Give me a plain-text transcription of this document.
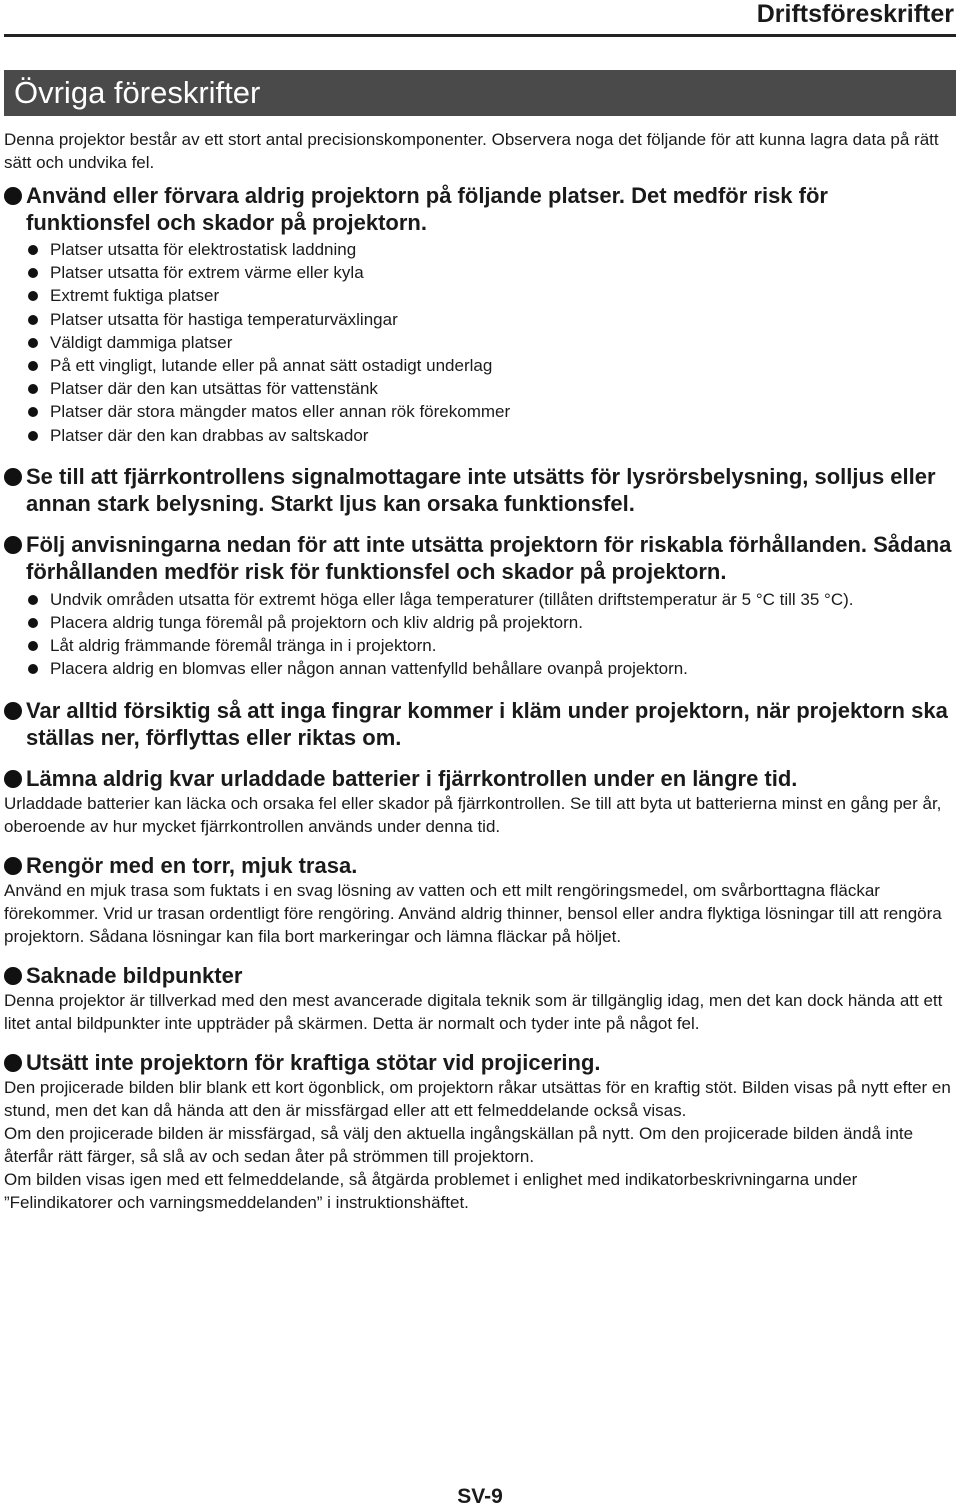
Driftsföreskrifter
Övriga föreskrifter

Denna projektor består av ett stort antal precisionskomponenter. Observera noga det följande för att kunna lagra data på rätt sätt och undvika fel.

Använd eller förvara aldrig projektorn på följande platser. Det medför risk för funktionsfel och skador på projektorn.

Platser utsatta för elektrostatisk laddning
Platser utsatta för extrem värme eller kyla
Extremt fuktiga platser
Platser utsatta för hastiga temperaturväxlingar
Väldigt dammiga platser
På ett vingligt, lutande eller på annat sätt ostadigt underlag
Platser där den kan utsättas för vattenstänk
Platser där stora mängder matos eller annan rök förekommer
Platser där den kan drabbas av saltskador

Se till att fjärrkontrollens signalmottagare inte utsätts för lysrörsbelysning, solljus eller annan stark belysning. Starkt ljus kan orsaka funktionsfel.

Följ anvisningarna nedan för att inte utsätta projektorn för riskabla förhållanden. Sådana förhållanden medför risk för funktionsfel och skador på projektorn.

Undvik områden utsatta för extremt höga eller låga temperaturer (tillåten driftstemperatur är 5 °C till 35 °C).
Placera aldrig tunga föremål på projektorn och kliv aldrig på projektorn.
Låt aldrig främmande föremål tränga in i projektorn.
Placera aldrig en blomvas eller någon annan vattenfylld behållare ovanpå projektorn.

Var alltid försiktig så att inga fingrar kommer i kläm under projektorn, när projektorn ska ställas ner, förflyttas eller riktas om.

Lämna aldrig kvar urladdade batterier i fjärrkontrollen under en längre tid.

Urladdade batterier kan läcka och orsaka fel eller skador på fjärrkontrollen. Se till att byta ut batterierna minst en gång per år, oberoende av hur mycket fjärrkontrollen används under denna tid.

Rengör med en torr, mjuk trasa.

Använd en mjuk trasa som fuktats i en svag lösning av vatten och ett milt rengöringsmedel, om svårborttagna fläckar förekommer. Vrid ur trasan ordentligt före rengöring. Använd aldrig thinner, bensol eller andra flyktiga lösningar till att rengöra projektorn. Sådana lösningar kan fila bort markeringar och lämna fläckar på höljet.

Saknade bildpunkter

Denna projektor är tillverkad med den mest avancerade digitala teknik som är tillgänglig idag, men det kan dock hända att ett litet antal bildpunkter inte uppträder på skärmen. Detta är normalt och tyder inte på något fel.

Utsätt inte projektorn för kraftiga stötar vid projicering.

Den projicerade bilden blir blank ett kort ögonblick, om projektorn råkar utsättas för en kraftig stöt. Bilden visas på nytt efter en stund, men det kan då hända att den är missfärgad eller att ett felmeddelande också visas.

Om den projicerade bilden är missfärgad, så välj den aktuella ingångskällan på nytt. Om den projicerade bilden ändå inte återfår rätt färger, så slå av och sedan åter på strömmen till projektorn.

Om bilden visas igen med ett felmeddelande, så åtgärda problemet i enlighet med indikatorbeskrivningarna under ”Felindikatorer och varningsmeddelanden” i instruktionshäftet.

SV-9
